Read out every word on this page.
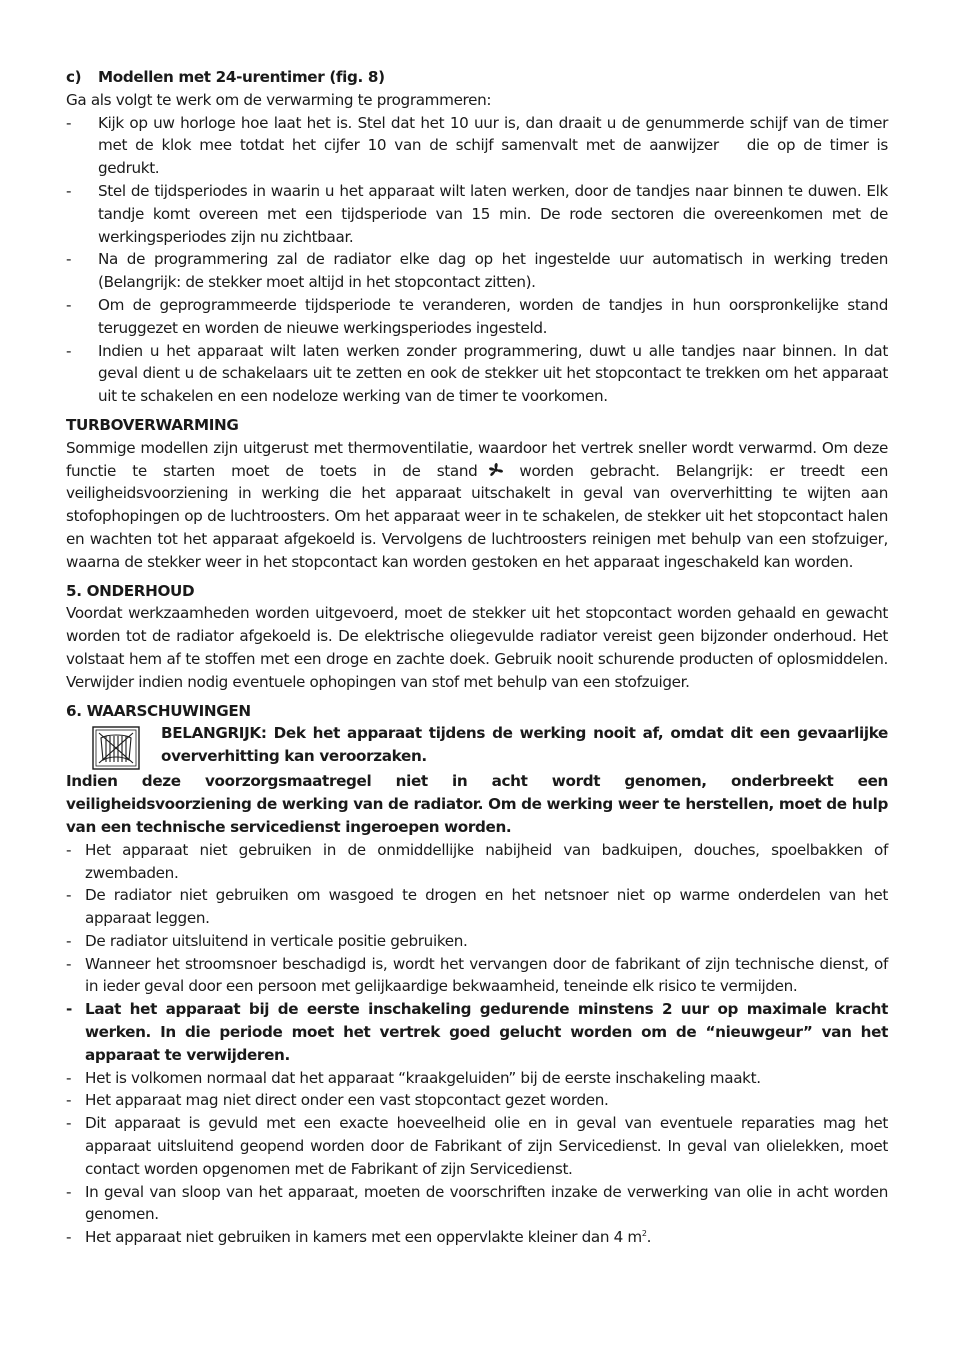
c) Modellen met 24-urentimer (fig. 8)

Ga als volgt te werk om de verwarming te programmeren:

- Kijk op uw horloge hoe laat het is. Stel dat het 10 uur is, dan draait u de genummerde schijf van de timer met de klok mee totdat het cijfer 10 van de schijf samenvalt met de aanwijzer die op de timer is gedrukt.
- Stel de tijdsperiodes in waarin u het apparaat wilt laten werken, door de tandjes naar binnen te duwen. Elk tandje komt overeen met een tijdsperiode van 15 min. De rode sectoren die overeenkomen met de werkingsperiodes zijn nu zichtbaar.
- Na de programmering zal de radiator elke dag op het ingestelde uur automatisch in werking treden (Belangrijk: de stekker moet altijd in het stopcontact zitten).
- Om de geprogrammeerde tijdsperiode te veranderen, worden de tandjes in hun oorspronkelijke stand teruggezet en worden de nieuwe werkingsperiodes ingesteld.
- Indien u het apparaat wilt laten werken zonder programmering, duwt u alle tandjes naar binnen. In dat geval dient u de schakelaars uit te zetten en ook de stekker uit het stopcontact te trekken om het apparaat uit te schakelen en een nodeloze werking van de timer te voorkomen.
TURBOVERWARMING

Sommige modellen zijn uitgerust met thermoventilatie, waardoor het vertrek sneller wordt verwarmd. Om deze functie te starten moet de toets in de stand	worden gebracht. Belangrijk: er treedt een veiligheidsvoorziening in werking die het apparaat uitschakelt in geval van oververhitting te wijten aan stofophopingen op de luchtroosters. Om het apparaat weer in te schakelen, de stekker uit het stopcontact halen en wachten tot het apparaat afgekoeld is. Vervolgens de luchtroosters reinigen met behulp van een stofzuiger, waarna de stekker weer in het stopcontact kan worden gestoken en het apparaat ingeschakeld kan worden.

5. ONDERHOUD

Voordat werkzaamheden worden uitgevoerd, moet de stekker uit het stopcontact worden gehaald en gewacht worden tot de radiator afgekoeld is. De elektrische oliegevulde radiator vereist geen bijzonder onderhoud. Het volstaat hem af te stoffen met een droge en zachte doek. Gebruik nooit schurende producten of oplosmiddelen. Verwijder indien nodig eventuele ophopingen van stof met behulp van een stofzuiger.

6. WAARSCHUWINGEN

BELANGRIJK: Dek het apparaat tijdens de werking nooit af, omdat dit een gevaarlijke oververhitting kan veroorzaken.

Indien deze voorzorgsmaatregel niet in acht wordt genomen, onderbreekt een veiligheidsvoorziening de werking van de radiator. Om de werking weer te herstellen, moet de hulp van een technische servicedienst ingeroepen worden.

- Het apparaat niet gebruiken in de onmiddellijke nabijheid van badkuipen, douches, spoelbakken of zwembaden.
- De radiator niet gebruiken om wasgoed te drogen en het netsnoer niet op warme onderdelen van het apparaat leggen.
- De radiator uitsluitend in verticale positie gebruiken.
- Wanneer het stroomsnoer beschadigd is, wordt het vervangen door de fabrikant of zijn technische dienst, of in ieder geval door een persoon met gelijkaardige bekwaamheid, teneinde elk risico te vermijden.
- Laat het apparaat bij de eerste inschakeling gedurende minstens 2 uur op maximale kracht werken. In die periode moet het vertrek goed gelucht worden om de “nieuwgeur” van het apparaat te verwijderen.
- Het is volkomen normaal dat het apparaat “kraakgeluiden” bij de eerste inschakeling maakt.
- Het apparaat mag niet direct onder een vast stopcontact gezet worden.
- Dit apparaat is gevuld met een exacte hoeveelheid olie en in geval van eventuele reparaties mag het apparaat uitsluitend geopend worden door de Fabrikant of zijn Servicedienst. In geval van olielekken, moet contact worden opgenomen met de Fabrikant of zijn Servicedienst.
- In geval van sloop van het apparaat, moeten de voorschriften inzake de verwerking van olie in acht worden genomen.
- Het apparaat niet gebruiken in kamers met een oppervlakte kleiner dan 4 $m^2$.
